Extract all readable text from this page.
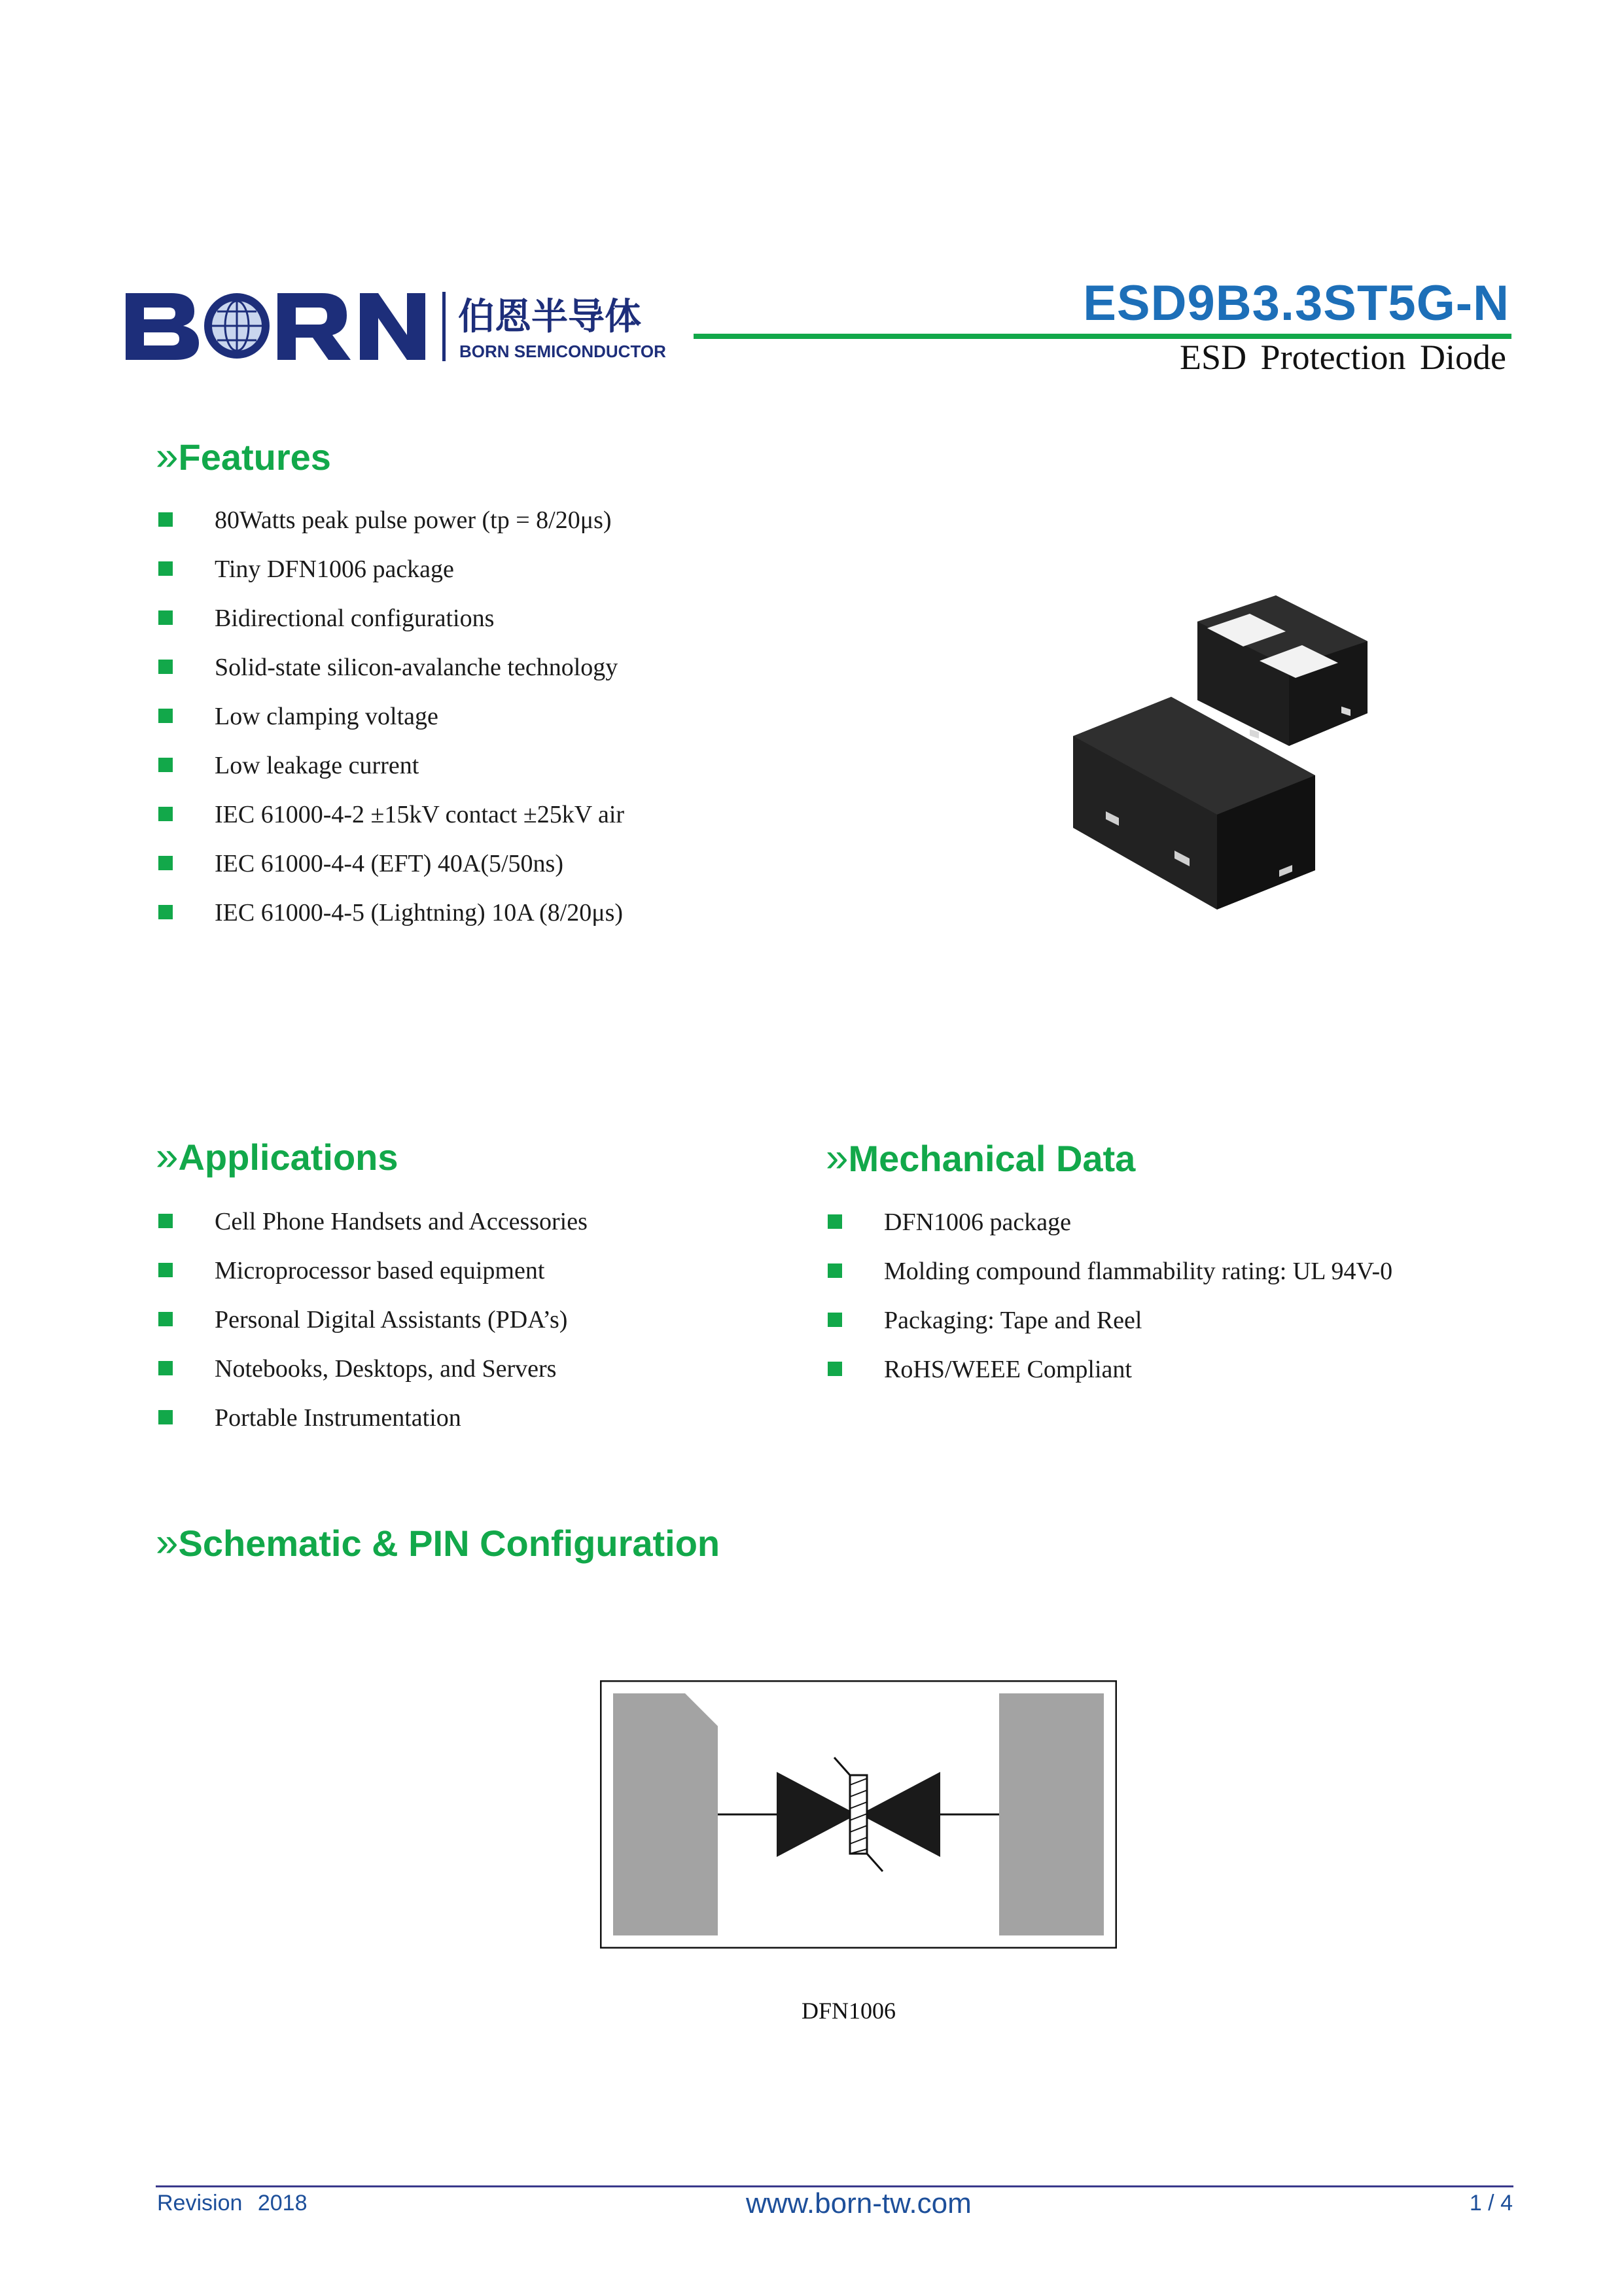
伯恩半导体
BORN SEMICONDUCTOR
ESD9B3.3ST5G-N
ESD Protection Diode
»Features
80Watts peak pulse power (tp = 8/20μs)
Tiny DFN1006 package
Bidirectional configurations
Solid-state silicon-avalanche technology
Low clamping voltage
Low leakage current
IEC 61000-4-2 ±15kV contact ±25kV air
IEC 61000-4-4 (EFT) 40A(5/50ns)
IEC 61000-4-5 (Lightning) 10A (8/20μs)
»Applications
Cell Phone Handsets and Accessories
Microprocessor based equipment
Personal Digital Assistants (PDA’s)
Notebooks, Desktops, and Servers
Portable Instrumentation
»Mechanical Data
DFN1006 package
Molding compound flammability rating: UL 94V-0
Packaging: Tape and Reel
RoHS/WEEE Compliant
»Schematic & PIN Configuration
DFN1006
Revision 2018	www.born-tw.com	1 / 4
